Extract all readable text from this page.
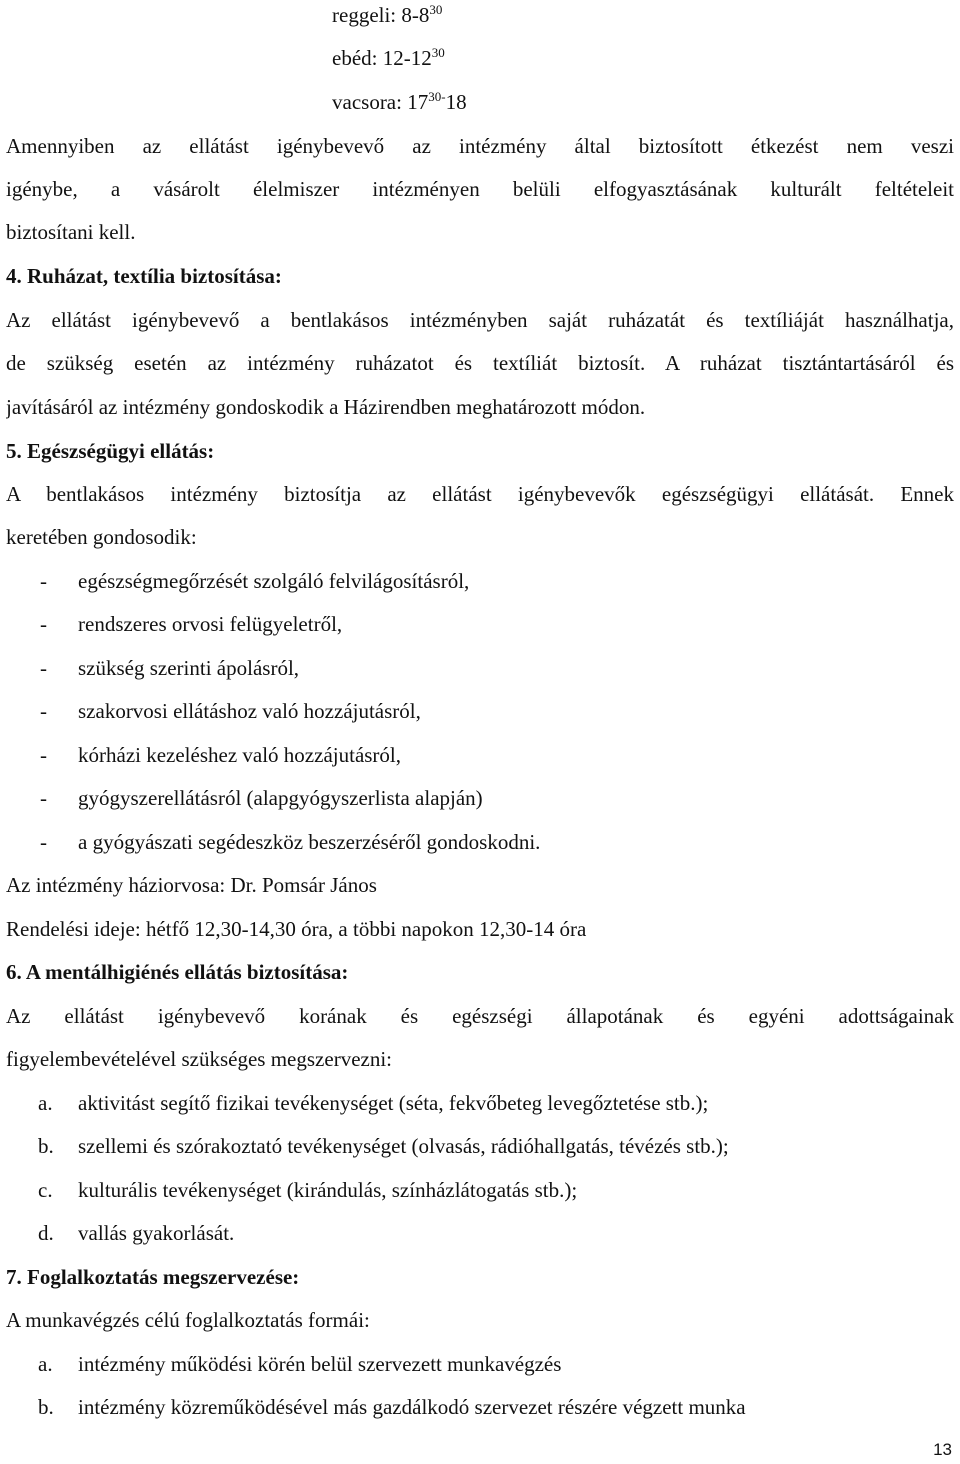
reggeli: $8-8^{30}$
ebéd: $12-12^{30}$
vacsora: $17^{30-}18$
Amennyiben az ellátást igénybevevő az intézmény által biztosított étkezést nem veszi
igénybe, a vásárolt élelmiszer intézményen belüli elfogyasztásának kulturált feltételeit
biztosítani kell.
4. Ruházat, textília biztosítása:
Az ellátást igénybevevő a bentlakásos intézményben saját ruházatát és textíliáját használhatja,
de szükség esetén az intézmény ruházatot és textíliát biztosít. A ruházat tisztántartásáról és
javításáról az intézmény gondoskodik a Házirendben meghatározott módon.
5. Egészségügyi ellátás:
A bentlakásos intézmény biztosítja az ellátást igénybevevők egészségügyi ellátását. Ennek
keretében gondosodik:
- egészségmegőrzését szolgáló felvilágosításról,
- rendszeres orvosi felügyeletről,
- szükség szerinti ápolásról,
- szakorvosi ellátáshoz való hozzájutásról,
- kórházi kezeléshez való hozzájutásról,
- gyógyszerellátásról (alapgyógyszerlista alapján)
- a gyógyászati segédeszköz beszerzéséről gondoskodni.
Az intézmény háziorvosa: Dr. Pomsár János
Rendelési ideje: hétfő 12,30-14,30 óra, a többi napokon 12,30-14 óra
6. A mentálhigiénés ellátás biztosítása:
Az ellátást igénybevevő korának és egészségi állapotának és egyéni adottságainak
figyelembevételével szükséges megszervezni:
a. aktivitást segítő fizikai tevékenységet (séta, fekvőbeteg levegőztetése stb.);
b. szellemi és szórakoztató tevékenységet (olvasás, rádióhallgatás, tévézés stb.);
c. kulturális tevékenységet (kirándulás, színházlátogatás stb.);
d. vallás gyakorlását.
7. Foglalkoztatás megszervezése:
A munkavégzés célú foglalkoztatás formái:
a. intézmény működési körén belül szervezett munkavégzés
b. intézmény közreműködésével más gazdálkodó szervezet részére végzett munka
13
